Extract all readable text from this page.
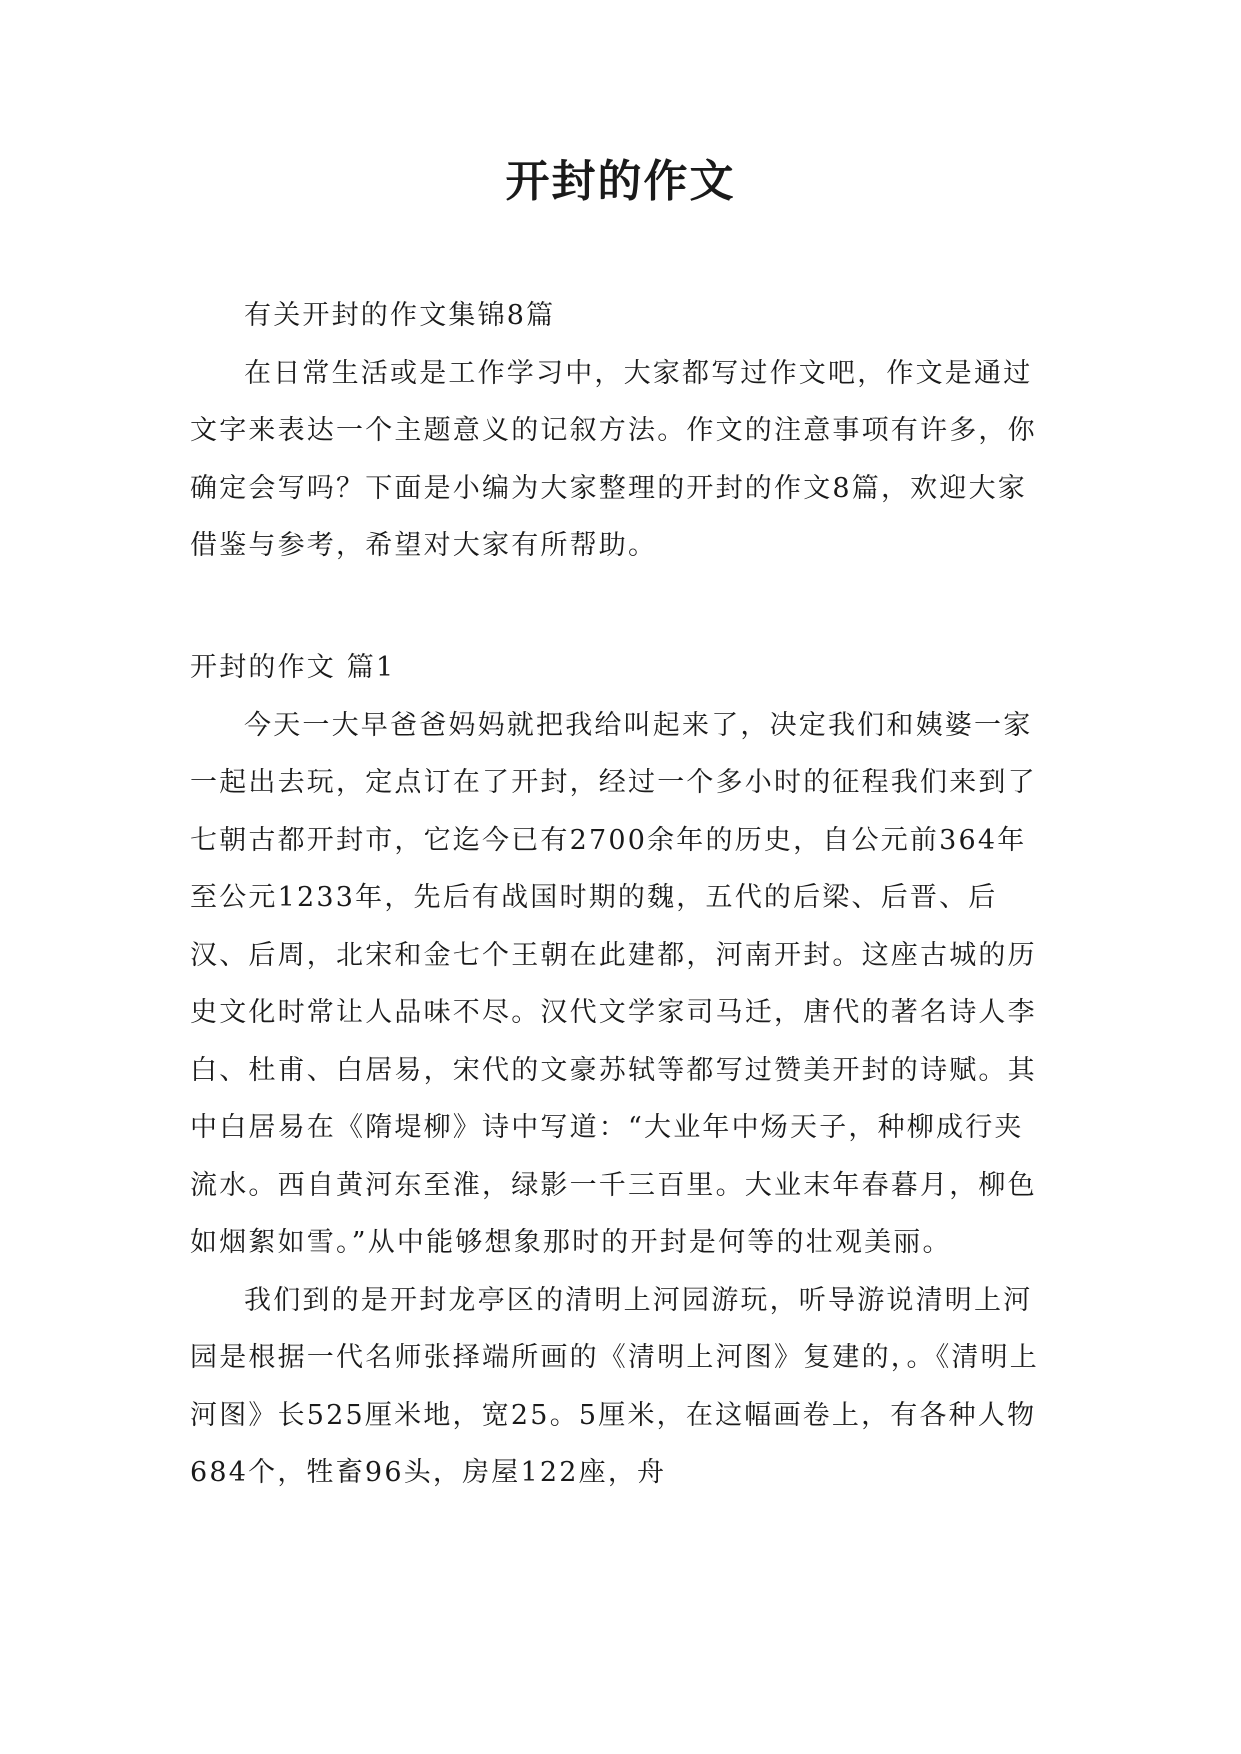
开封的作文

有关开封的作文集锦8篇

在日常生活或是工作学习中，大家都写过作文吧，作文是通过文字来表达一个主题意义的记叙方法。作文的注意事项有许多，你确定会写吗？下面是小编为大家整理的开封的作文8篇，欢迎大家借鉴与参考，希望对大家有所帮助。

开封的作文 篇1

今天一大早爸爸妈妈就把我给叫起来了，决定我们和姨婆一家一起出去玩，定点订在了开封，经过一个多小时的征程我们来到了七朝古都开封市，它迄今已有2700余年的历史，自公元前364年至公元1233年，先后有战国时期的魏，五代的后梁、后晋、后汉、后周，北宋和金七个王朝在此建都，河南开封。这座古城的历史文化时常让人品味不尽。汉代文学家司马迁，唐代的著名诗人李白、杜甫、白居易，宋代的文豪苏轼等都写过赞美开封的诗赋。其中白居易在《隋堤柳》诗中写道：“大业年中炀天子，种柳成行夹流水。西自黄河东至淮，绿影一千三百里。大业末年春暮月，柳色如烟絮如雪。”从中能够想象那时的开封是何等的壮观美丽。

我们到的是开封龙亭区的清明上河园游玩，听导游说清明上河园是根据一代名师张择端所画的《清明上河图》复建的，。《清明上河图》长525厘米地，宽25。5厘米，在这幅画卷上，有各种人物684个，牲畜96头，房屋122座，舟
